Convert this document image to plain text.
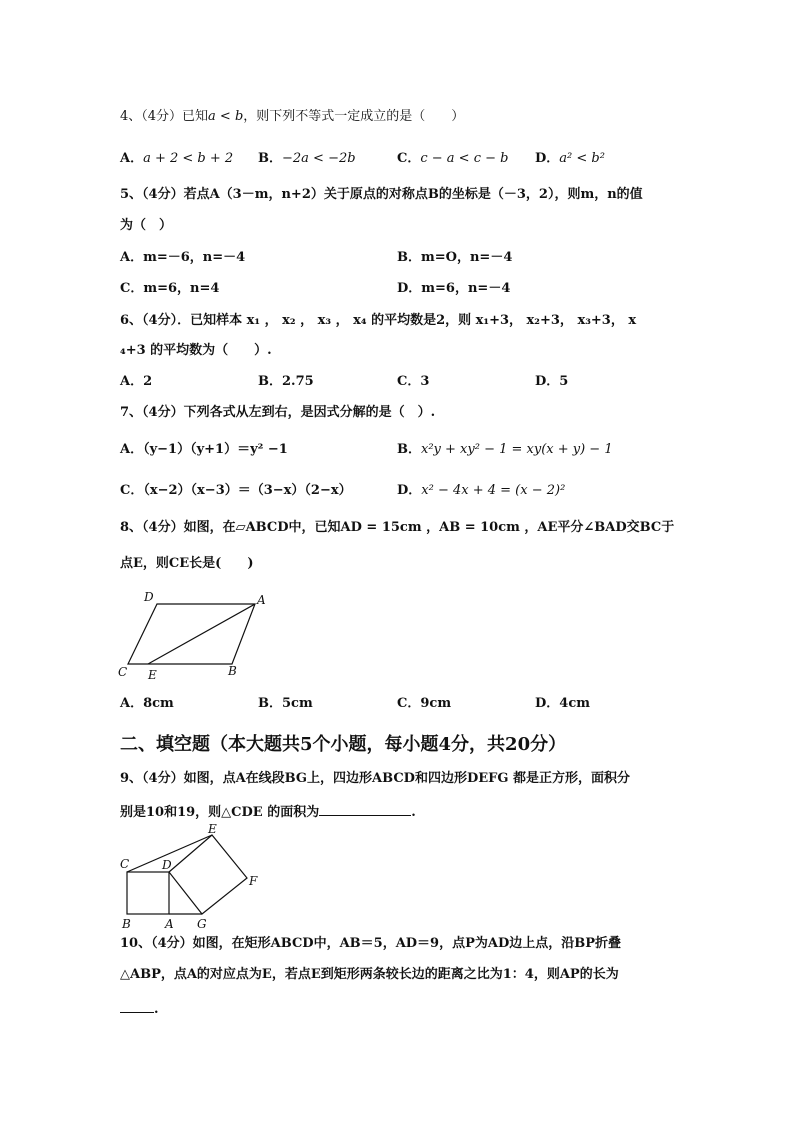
4、（4分）已知a < b，则下列不等式一定成立的是（　　）
A．a + 2 < b + 2 B．−2a < −2b	C．c − a < c − b D．a² < b²
5、（4分）若点A（3－m，n+2）关于原点的对称点B的坐标是（－3，2），则m，n的值
为（　）
A．m=－6，n=－4	B．m=O，n=－4
C．m=6，n=4	D．m=6，n=－4
6、（4分）．已知样本 x₁ ， x₂ ， x₃ ， x₄ 的平均数是2，则 x₁+3， x₂+3， x₃+3， x
₄+3 的平均数为（　　）.
A．2	B．2.75	C．3	D．5
7、（4分）下列各式从左到右，是因式分解的是（　）.
A．（y−1）（y+1）＝y² −1	B．x²y + xy² − 1 = xy(x + y) − 1
C．（x−2）（x−3）＝（3−x）（2−x）	D．x² − 4x + 4 = (x − 2)²
8、（4分）如图，在▱ABCD中，已知AD = 15cm ，AB = 10cm ，AE平分∠BAD交BC于
点E，则CE长是(　　)
D	A
C E	B
A．8cm	B．5cm	C．9cm	D．4cm
二、填空题（本大题共5个小题，每小题4分，共20分）
9、（4分）如图，点A在线段BG上，四边形ABCD和四边形DEFG 都是正方形，面积分
别是10和19，则△CDE 的面积为	.
E
C	D
F
B	A G
10、（4分）如图，在矩形ABCD中，AB＝5，AD＝9，点P为AD边上点，沿BP折叠
△ABP，点A的对应点为E，若点E到矩形两条较长边的距离之比为1：4，则AP的长为
.
